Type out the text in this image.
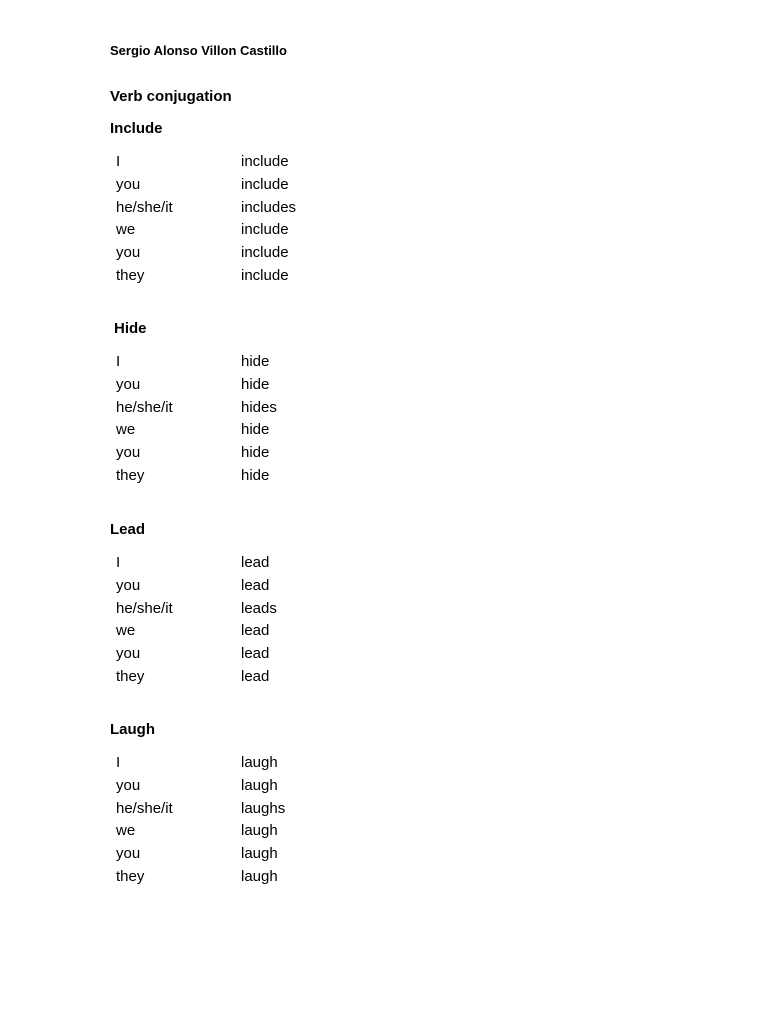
Sergio Alonso Villon Castillo
Verb conjugation
Include
I	include
you	include
he/she/it	includes
we	include
you	include
they	include
Hide
I	hide
you	hide
he/she/it	hides
we	hide
you	hide
they	hide
Lead
I	lead
you	lead
he/she/it	leads
we	lead
you	lead
they	lead
Laugh
I	laugh
you	laugh
he/she/it	laughs
we	laugh
you	laugh
they	laugh
